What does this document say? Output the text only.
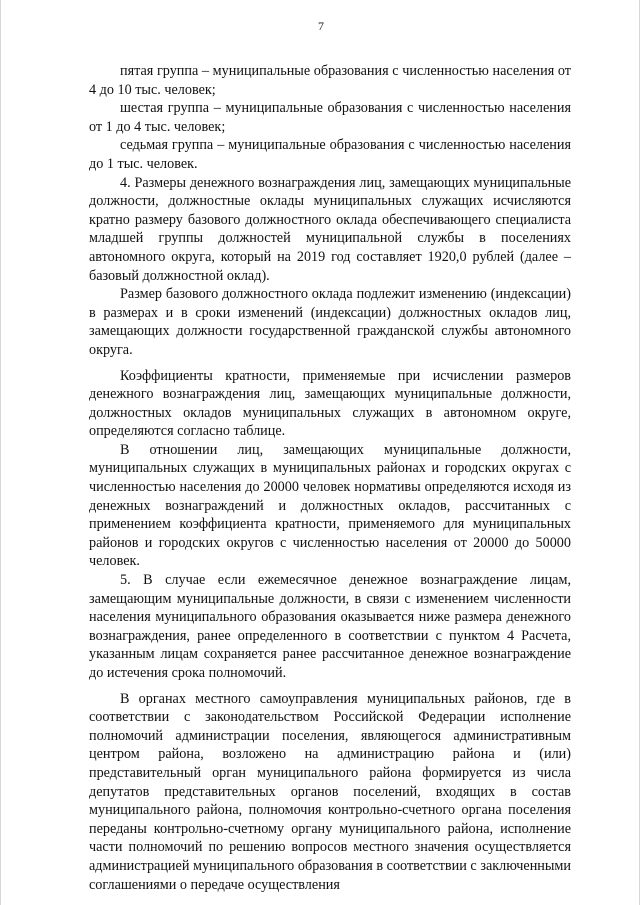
7

пятая группа – муниципальные образования с численностью населения от 4 до 10 тыс. человек;

шестая группа – муниципальные образования с численностью населения от 1 до 4 тыс. человек;

седьмая группа – муниципальные образования с численностью населения до 1 тыс. человек.

4. Размеры денежного вознаграждения лиц, замещающих муниципальные должности, должностные оклады муниципальных служащих исчисляются кратно размеру базового должностного оклада обеспечивающего специалиста младшей группы должностей муниципальной службы в поселениях автономного округа, который на 2019 год составляет 1920,0 рублей (далее – базовый должностной оклад).

Размер базового должностного оклада подлежит изменению (индексации) в размерах и в сроки изменений (индексации) должностных окладов лиц, замещающих должности государственной гражданской службы автономного округа.

Коэффициенты кратности, применяемые при исчислении размеров денежного вознаграждения лиц, замещающих муниципальные должности, должностных окладов муниципальных служащих в автономном округе, определяются согласно таблице.

В отношении лиц, замещающих муниципальные должности, муниципальных служащих в муниципальных районах и городских округах с численностью населения до 20000 человек нормативы определяются исходя из денежных вознаграждений и должностных окладов, рассчитанных с применением коэффициента кратности, применяемого для муниципальных районов и городских округов с численностью населения от 20000 до 50000 человек.

5. В случае если ежемесячное денежное вознаграждение лицам, замещающим муниципальные должности, в связи с изменением численности населения муниципального образования оказывается ниже размера денежного вознаграждения, ранее определенного в соответствии с пунктом 4 Расчета, указанным лицам сохраняется ранее рассчитанное денежное вознаграждение до истечения срока полномочий.

В органах местного самоуправления муниципальных районов, где в соответствии с законодательством Российской Федерации исполнение полномочий администрации поселения, являющегося административным центром района, возложено на администрацию района и (или) представительный орган муниципального района формируется из числа депутатов представительных органов поселений, входящих в состав муниципального района, полномочия контрольно-счетного органа поселения переданы контрольно-счетному органу муниципального района, исполнение части полномочий по решению вопросов местного значения осуществляется администрацией муниципального образования в соответствии с заключенными соглашениями о передаче осуществления
